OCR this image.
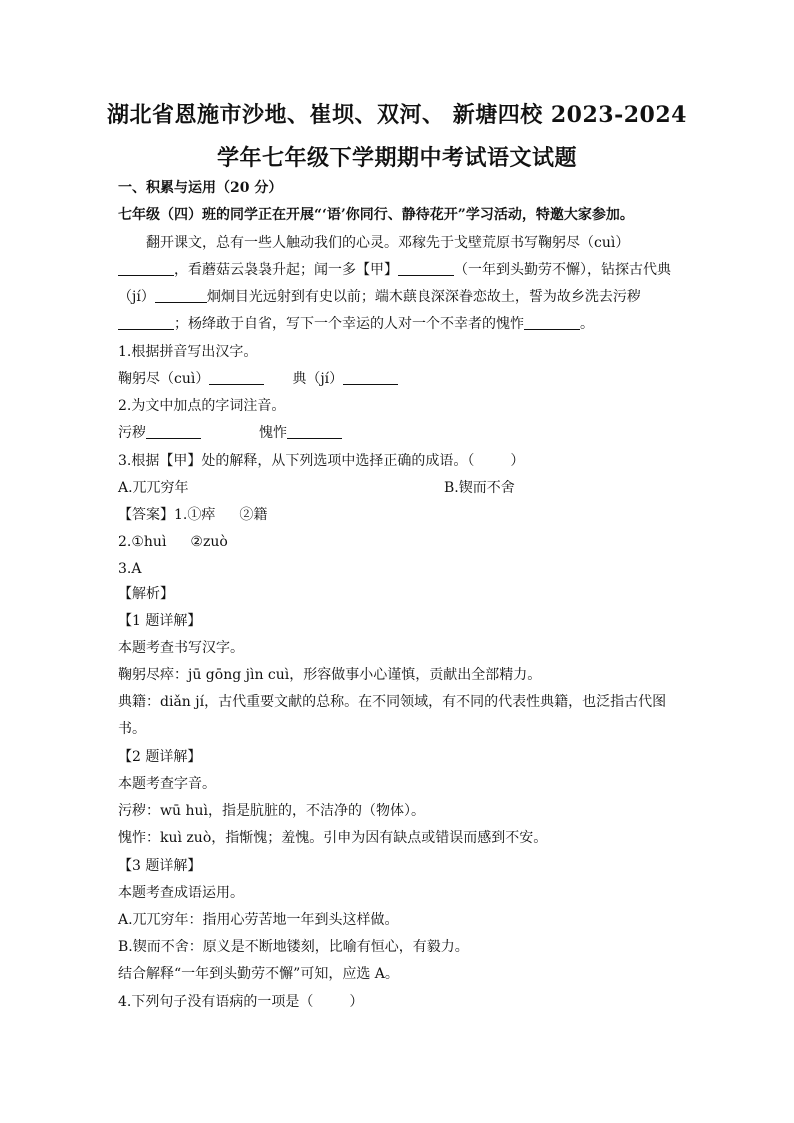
湖北省恩施市沙地、崔坝、双河、 新塘四校 2023-2024
学年七年级下学期期中考试语文试题
一、积累与运用（20 分）
七年级（四）班的同学正在开展“‘语’你同行、静待花开”学习活动，特邀大家参加。
翻开课文，总有一些人触动我们的心灵。邓稼先于戈壁荒原书写鞠躬尽（cuì）
，看蘑菇云袅袅升起；闻一多【甲】	（一年到头勤劳不懈），钻探古代典
（jí）	炯炯目光远射到有史以前；端木蕻良深深眷恋故土，誓为故乡洗去污秽
；杨绛敢于自省，写下一个幸运的人对一个不幸者的愧怍	。
1.根据拼音写出汉字。
鞠躬尽（cuì）	典（jí）
2.为文中加点的字词注音。
污秽	愧怍
3.根据【甲】处的解释，从下列选项中选择正确的成语。（	）
A.兀兀穷年	B.锲而不舍
【答案】1.①瘁 ②籍
2.①huì ②zuò
3.A
【解析】
【1 题详解】
本题考查书写汉字。
鞠躬尽瘁：jū gōng jìn cuì，形容做事小心谨慎，贡献出全部精力。
典籍：diǎn jí，古代重要文献的总称。在不同领域，有不同的代表性典籍，也泛指古代图
书。
【2 题详解】
本题考查字音。
污秽：wū huì，指是肮脏的，不洁净的（物体）。
愧怍：kuì zuò，指惭愧；羞愧。引申为因有缺点或错误而感到不安。
【3 题详解】
本题考查成语运用。
A.兀兀穷年：指用心劳苦地一年到头这样做。
B.锲而不舍：原义是不断地镂刻，比喻有恒心，有毅力。
结合解释“一年到头勤劳不懈”可知，应选 A。
4.下列句子没有语病的一项是（	）
